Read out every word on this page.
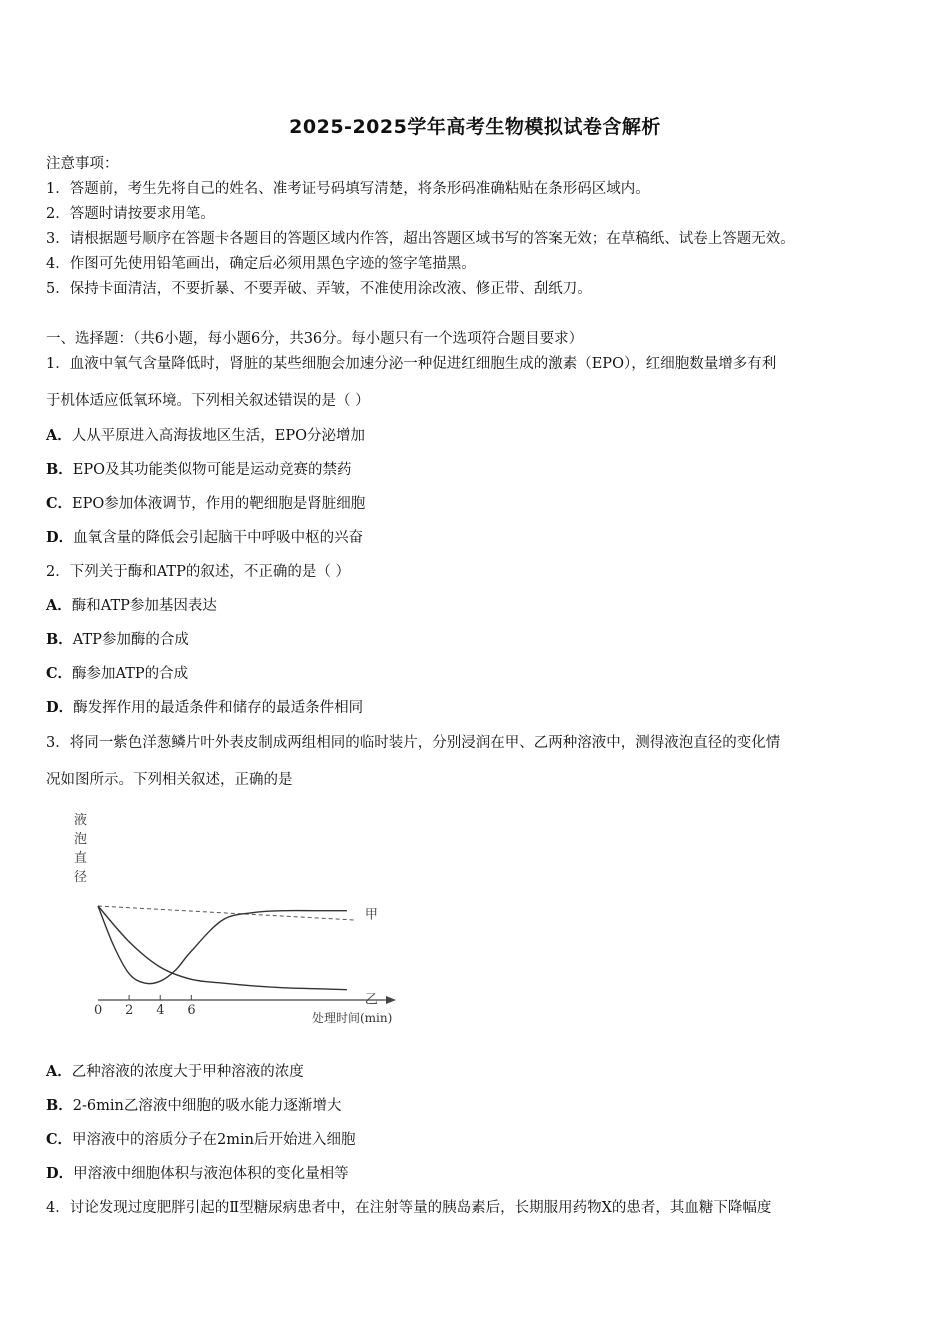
2025-2025学年高考生物模拟试卷含解析
注意事项：
1．答题前，考生先将自己的姓名、准考证号码填写清楚，将条形码准确粘贴在条形码区域内。
2．答题时请按要求用笔。
3．请根据题号顺序在答题卡各题目的答题区域内作答，超出答题区域书写的答案无效；在草稿纸、试卷上答题无效。
4．作图可先使用铅笔画出，确定后必须用黑色字迹的签字笔描黑。
5．保持卡面清洁，不要折暴、不要弄破、弄皱，不准使用涂改液、修正带、刮纸刀。
一、选择题：（共6小题，每小题6分，共36分。每小题只有一个选项符合题目要求）
1．血液中氧气含量降低时，肾脏的某些细胞会加速分泌一种促进红细胞生成的激素（EPO），红细胞数量增多有利
于机体适应低氧环境。下列相关叙述错误的是（ ）
A．人从平原进入高海拔地区生活，EPO分泌增加
B．EPO及其功能类似物可能是运动竞赛的禁药
C．EPO参加体液调节，作用的靶细胞是肾脏细胞
D．血氧含量的降低会引起脑干中呼吸中枢的兴奋
2．下列关于酶和ATP的叙述，不正确的是（ ）
A．酶和ATP参加基因表达
B．ATP参加酶的合成
C．酶参加ATP的合成
D．酶发挥作用的最适条件和储存的最适条件相同
3．将同一紫色洋葱鳞片叶外表皮制成两组相同的临时装片，分别浸润在甲、乙两种溶液中，测得液泡直径的变化情
况如图所示。下列相关叙述，正确的是
液
泡
直
径
0 2 4 6
甲
乙
处理时间(min)
A．乙种溶液的浓度大于甲种溶液的浓度
B．2-6min乙溶液中细胞的吸水能力逐渐增大
C．甲溶液中的溶质分子在2min后开始进入细胞
D．甲溶液中细胞体积与液泡体积的变化量相等
4．讨论发现过度肥胖引起的Ⅱ型糖尿病患者中，在注射等量的胰岛素后，长期服用药物X的患者，其血糖下降幅度
